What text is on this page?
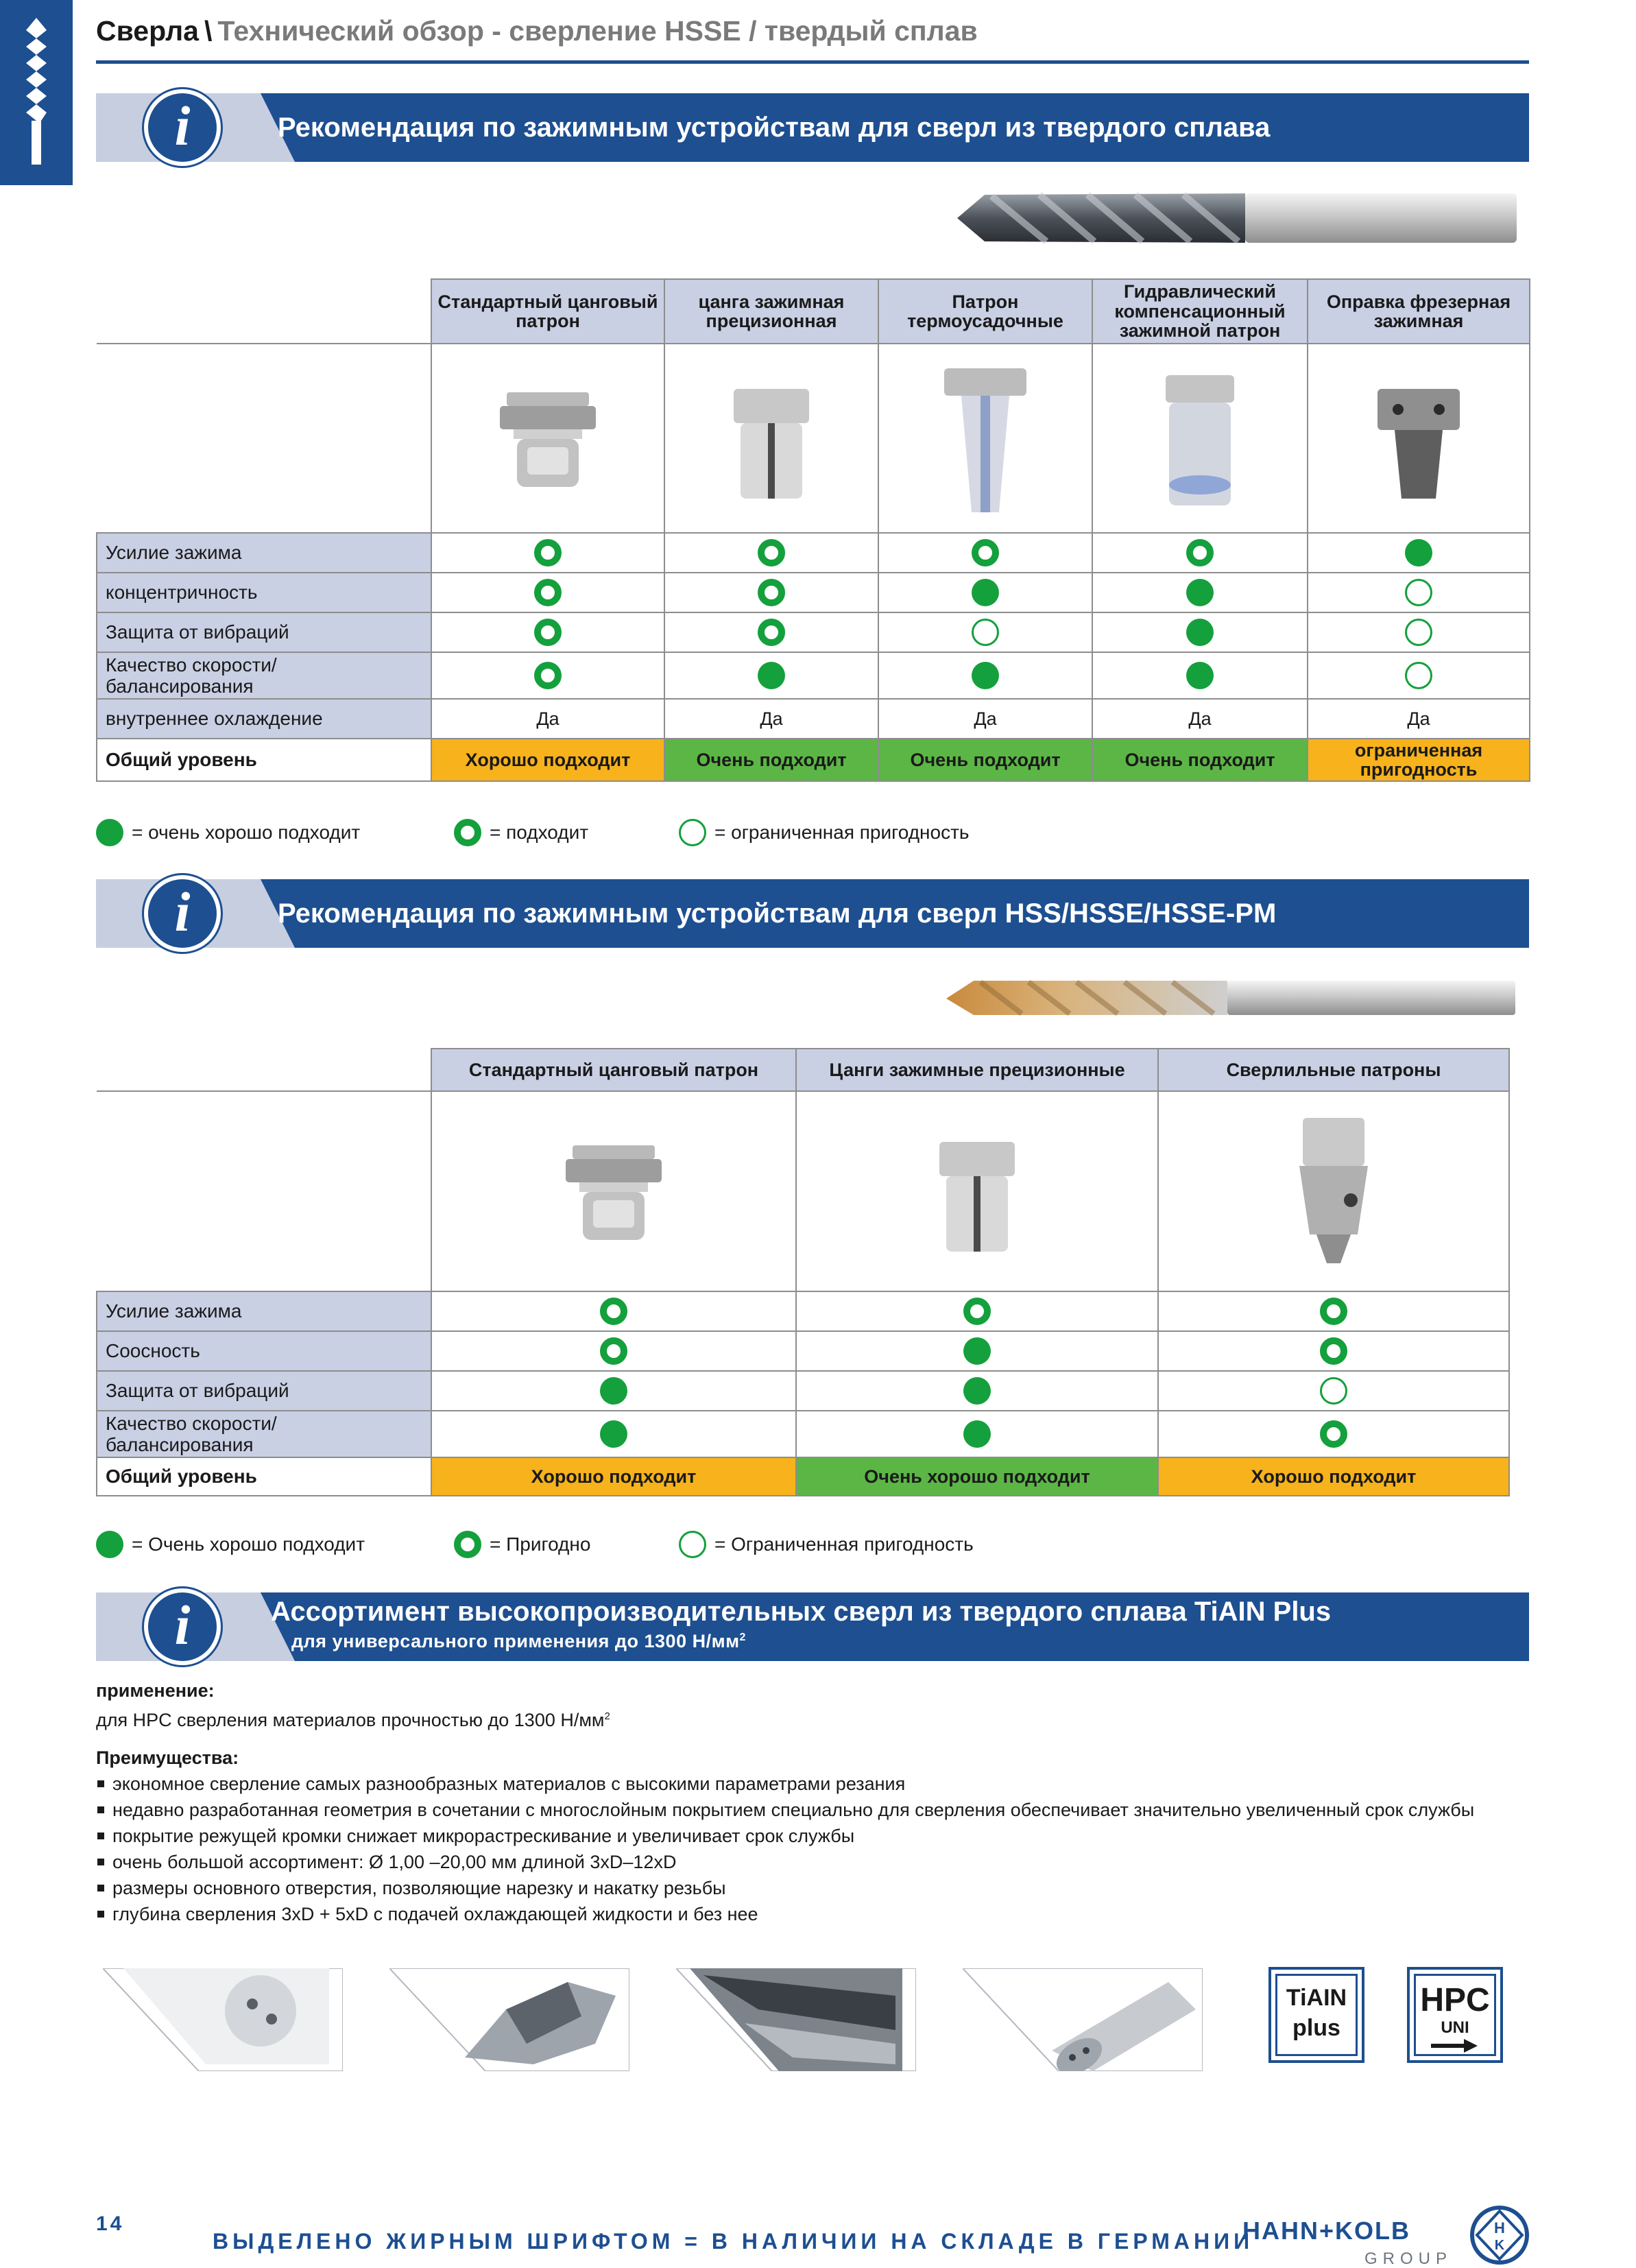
Сверла \ Технический обзор - сверление HSSE / твердый сплав
i	Рекомендация по зажимным устройствам для сверл из твердого сплава
	Стандартный цанговый патрон	цанга зажимная прецизионная	Патрон термоусадочные	Гидравлический компенсационный зажимной патрон	Оправка фрезерная зажимная

Усилие зажима					
концентричность					
Защита от вибраций					
Качество скорости/ балансирования					
внутреннее охлаждение	Да	Да	Да	Да	Да
Общий уровень	Хорошо подходит	Очень подходит	Очень подходит	Очень подходит	ограниченная пригодность
= очень хорошо подходит	= подходит	= ограниченная пригодность
i	Рекомендация по зажимным устройствам для сверл HSS/HSSE/HSSE-PM
	Стандартный цанговый патрон	Цанги зажимные прецизионные	Сверлильные патроны

Усилие зажима			
Соосность			
Защита от вибраций			
Качество скорости/ балансирования			
Общий уровень	Хорошо подходит	Очень хорошо подходит	Хорошо подходит
= Очень хорошо подходит	= Пригодно	= Ограниченная пригодность
i	Ассортимент высокопроизводительных сверл из твердого сплава TiAIN Plus
для универсального применения до 1300 $Н/мм^2$
применение:
для HPC сверления материалов прочностью до 1300 $Н/мм^2$
Преимущества:
экономное сверление самых разнообразных материалов с высокими параметрами резания
недавно разработанная геометрия в сочетании с многослойным покрытием специально для сверления обеспечивает значительно увеличенный срок службы
покрытие режущей кромки снижает микрорастрескивание и увеличивает срок службы
очень большой ассортимент: Ø 1,00 –20,00 мм длиной 3xD–12xD
размеры основного отверстия, позволяющие нарезку и накатку резьбы
глубина сверления 3xD + 5xD с подачей охлаждающей жидкости и без нее
TiAIN
plus
HPC
UNI
14
ВЫДЕЛЕНО ЖИРНЫМ ШРИФТОМ = В НАЛИЧИИ НА СКЛАДЕ В ГЕРМАНИИ
HAHN+KOLB
GROUP
H
K
